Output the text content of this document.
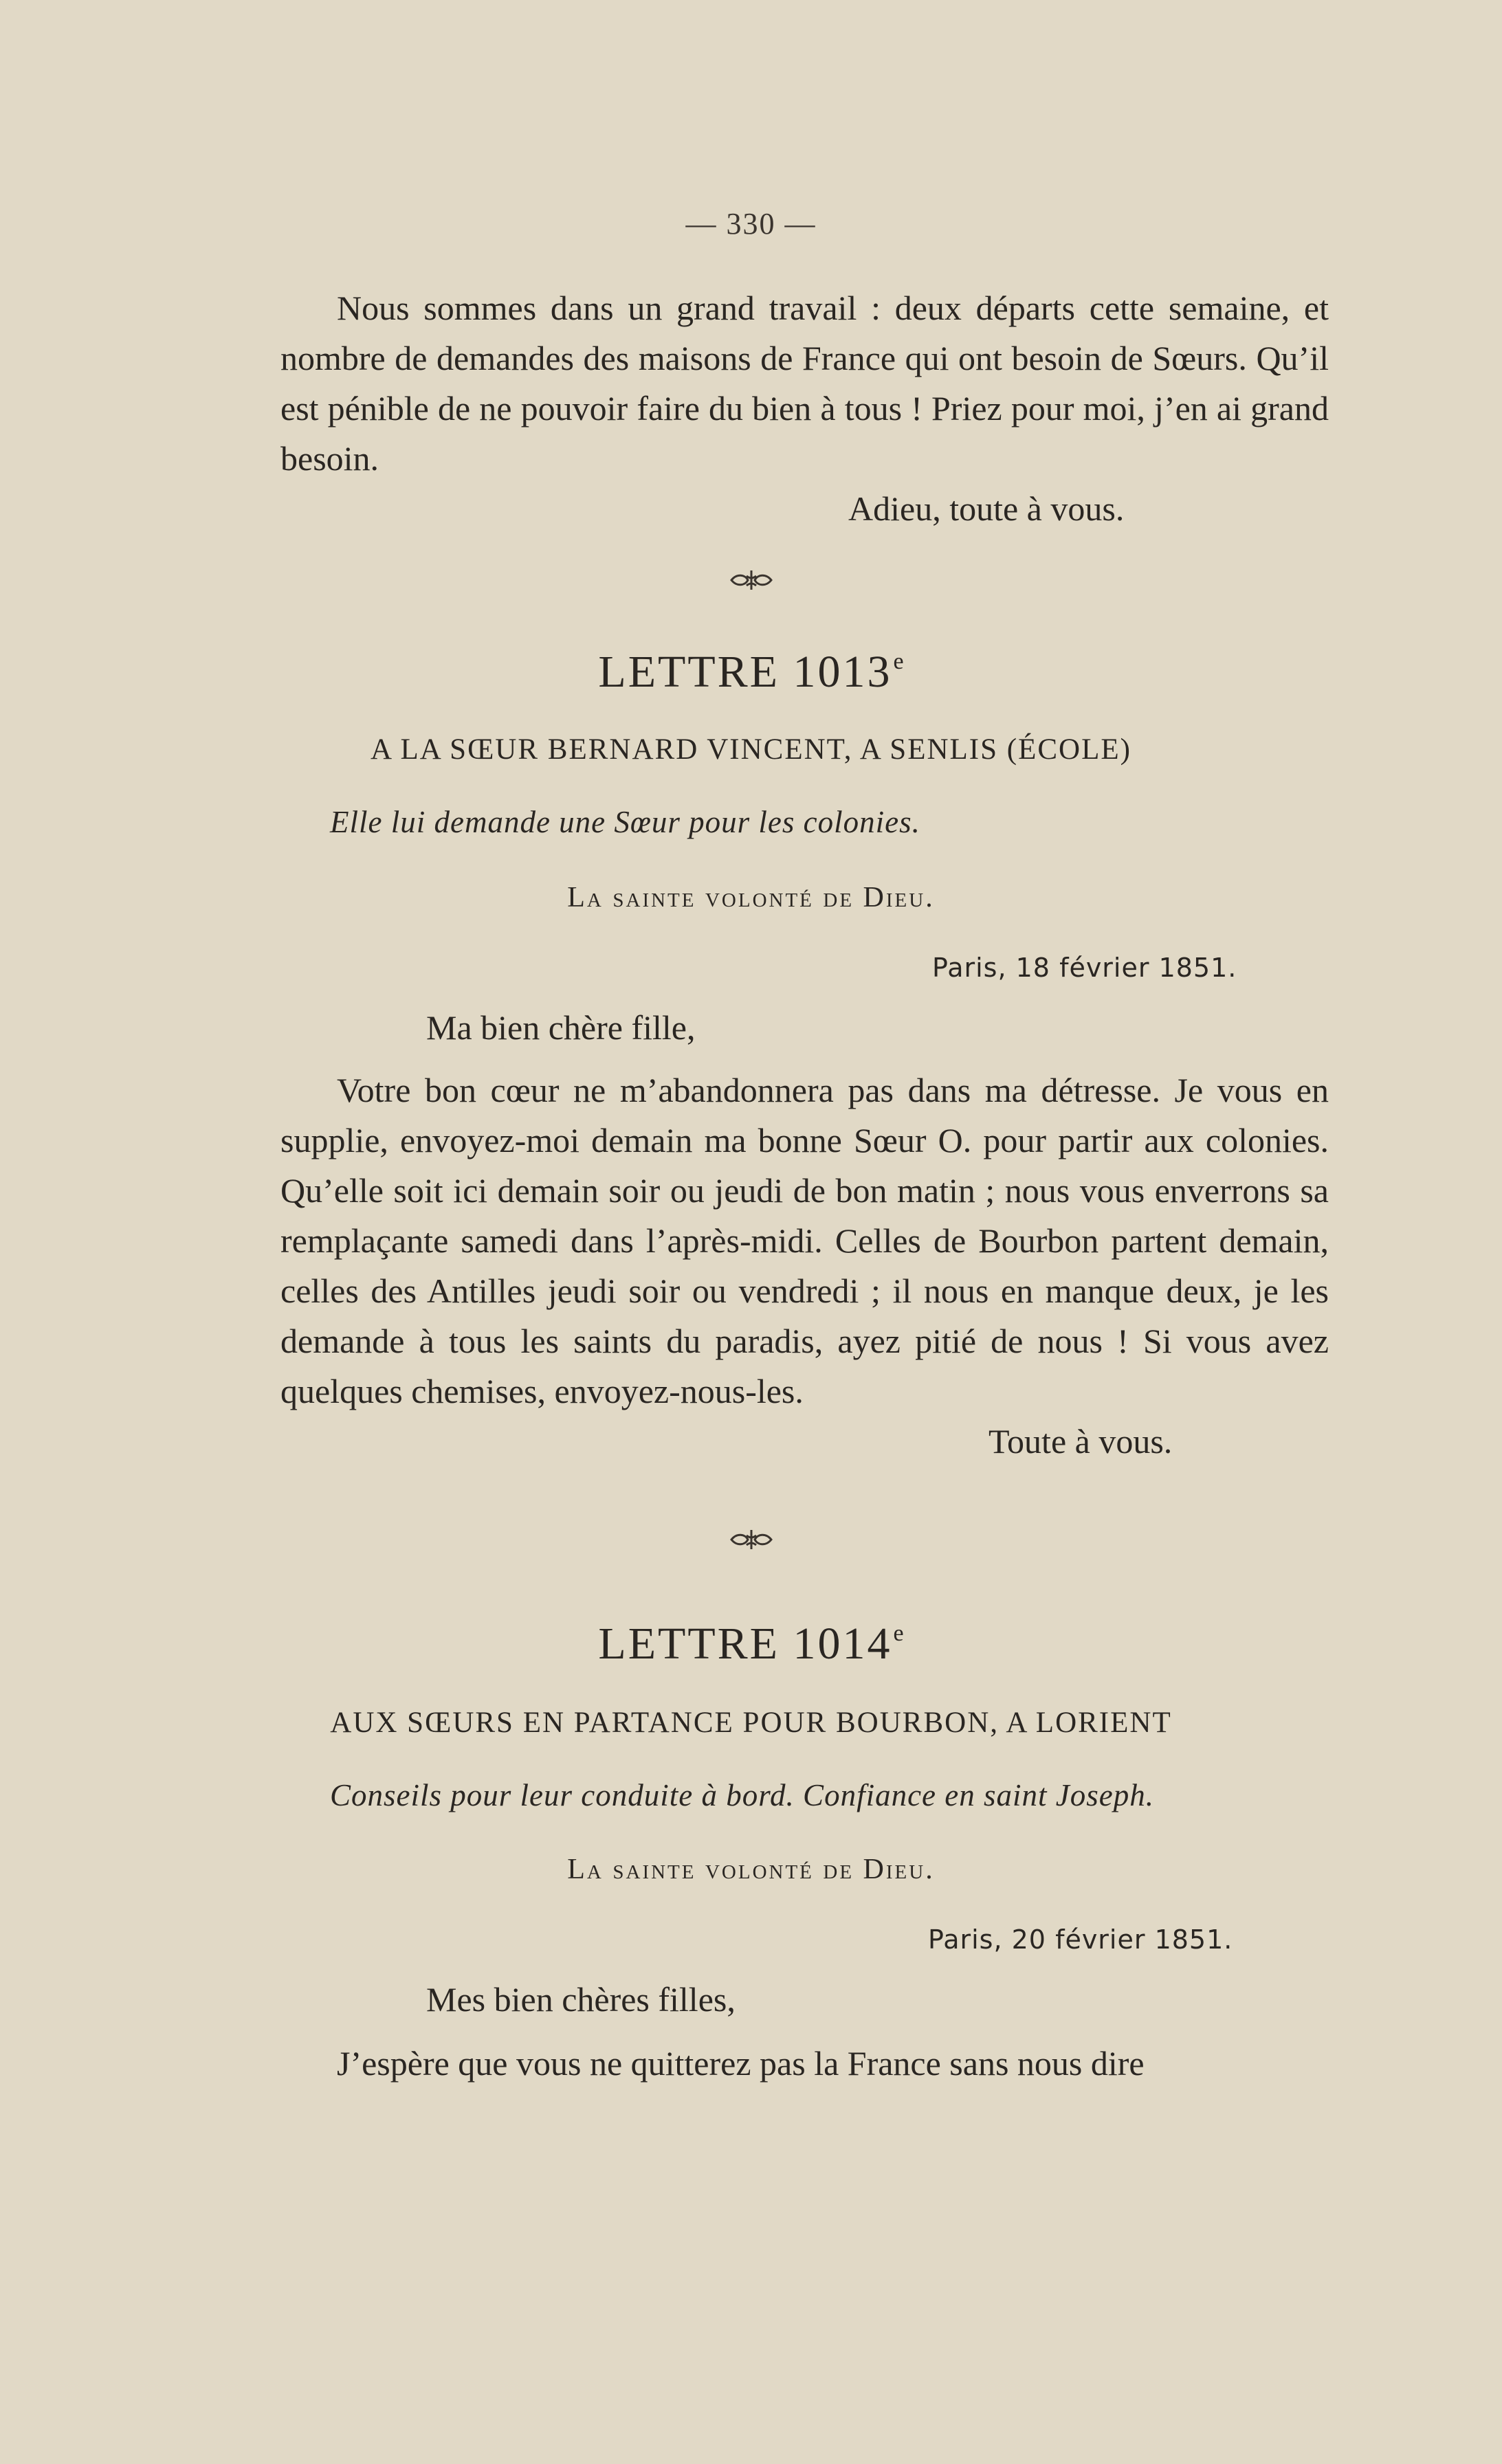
— 330 —

Nous sommes dans un grand travail : deux départs cette semaine, et nombre de demandes des maisons de France qui ont besoin de Sœurs. Qu’il est pénible de ne pouvoir faire du bien à tous ! Priez pour moi, j’en ai grand besoin.

Adieu, toute à vous.

LETTRE 1013e
A LA SŒUR BERNARD VINCENT, A SENLIS (ÉCOLE)
Elle lui demande une Sœur pour les colonies.
La sainte volonté de Dieu.
Paris, 18 février 1851.
Ma bien chère fille,

Votre bon cœur ne m’abandonnera pas dans ma détresse. Je vous en supplie, envoyez-moi demain ma bonne Sœur O. pour partir aux colonies. Qu’elle soit ici demain soir ou jeudi de bon matin ; nous vous enverrons sa remplaçante samedi dans l’après-midi. Celles de Bourbon partent demain, celles des Antilles jeudi soir ou vendredi ; il nous en manque deux, je les demande à tous les saints du paradis, ayez pitié de nous ! Si vous avez quelques chemises, envoyez-nous-les.

Toute à vous.

LETTRE 1014e
AUX SŒURS EN PARTANCE POUR BOURBON, A LORIENT
Conseils pour leur conduite à bord. Confiance en saint Joseph.
La sainte volonté de Dieu.
Paris, 20 février 1851.
Mes bien chères filles,

J’espère que vous ne quitterez pas la France sans nous dire
